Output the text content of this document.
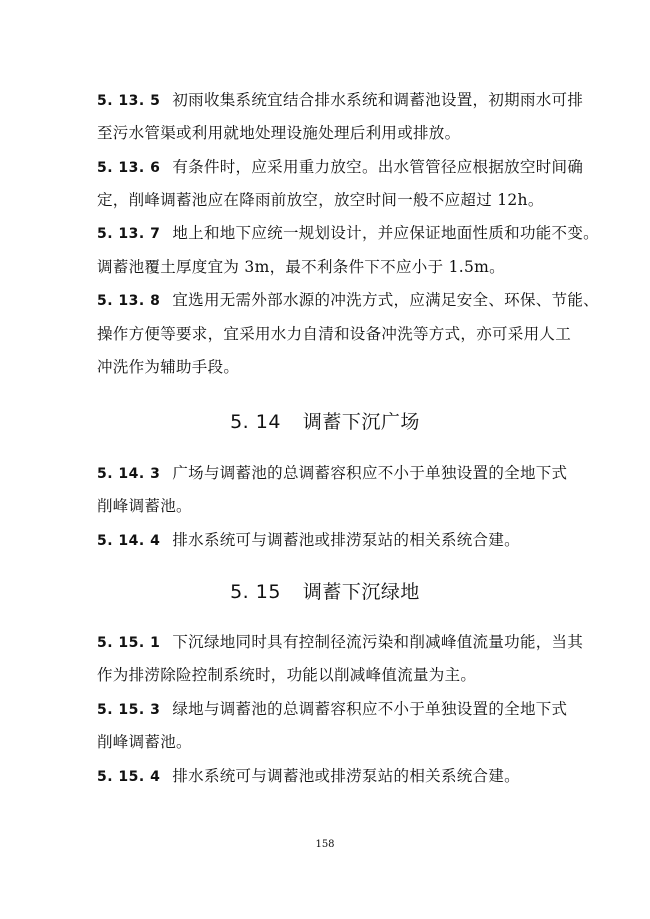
5. 13. 5 初雨收集系统宜结合排水系统和调蓄池设置，初期雨水可排
至污水管渠或利用就地处理设施处理后利用或排放。
5. 13. 6 有条件时，应采用重力放空。出水管管径应根据放空时间确
定，削峰调蓄池应在降雨前放空，放空时间一般不应超过 12h。
5. 13. 7 地上和地下应统一规划设计，并应保证地面性质和功能不变。
调蓄池覆土厚度宜为 3m，最不利条件下不应小于 1.5m。
5. 13. 8 宜选用无需外部水源的冲洗方式，应满足安全、环保、节能、
操作方便等要求，宜采用水力自清和设备冲洗等方式，亦可采用人工
冲洗作为辅助手段。
5. 14 调蓄下沉广场
5. 14. 3 广场与调蓄池的总调蓄容积应不小于单独设置的全地下式
削峰调蓄池。
5. 14. 4 排水系统可与调蓄池或排涝泵站的相关系统合建。
5. 15 调蓄下沉绿地
5. 15. 1 下沉绿地同时具有控制径流污染和削减峰值流量功能，当其
作为排涝除险控制系统时，功能以削减峰值流量为主。
5. 15. 3 绿地与调蓄池的总调蓄容积应不小于单独设置的全地下式
削峰调蓄池。
5. 15. 4 排水系统可与调蓄池或排涝泵站的相关系统合建。
158
